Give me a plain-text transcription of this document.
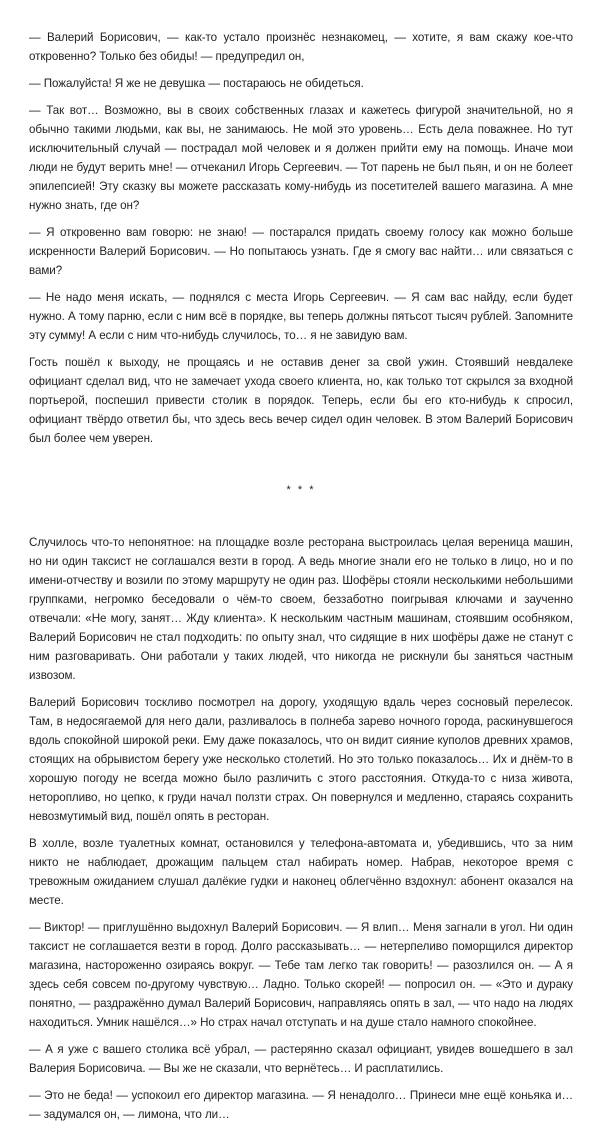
— Валерий Борисович, — как-то устало произнёс незнакомец, — хотите, я вам скажу кое-что откровенно? Только без обиды! — предупредил он,

— Пожалуйста! Я же не девушка — постараюсь не обидеться.

— Так вот… Возможно, вы в своих собственных глазах и кажетесь фигурой значительной, но я обычно такими людьми, как вы, не занимаюсь. Не мой это уровень… Есть дела поважнее. Но тут исключительный случай — пострадал мой человек и я должен прийти ему на помощь. Иначе мои люди не будут верить мне! — отчеканил Игорь Сергеевич. — Тот парень не был пьян, и он не болеет эпилепсией! Эту сказку вы можете рассказать кому-нибудь из посетителей вашего магазина. А мне нужно знать, где он?

— Я откровенно вам говорю: не знаю! — постарался придать своему голосу как можно больше искренности Валерий Борисович. — Но попытаюсь узнать. Где я смогу вас найти… или связаться с вами?

— Не надо меня искать, — поднялся с места Игорь Сергеевич. — Я сам вас найду, если будет нужно. А тому парню, если с ним всё в порядке, вы теперь должны пятьсот тысяч рублей. Запомните эту сумму! А если с ним что-нибудь случилось, то… я не завидую вам.

Гость пошёл к выходу, не прощаясь и не оставив денег за свой ужин. Стоявший невдалеке официант сделал вид, что не замечает ухода своего клиента, но, как только тот скрылся за входной портьерой, поспешил привести столик в порядок. Теперь, если бы его кто-нибудь к спросил, официант твёрдо ответил бы, что здесь весь вечер сидел один человек. В этом Валерий Борисович был более чем уверен.

* * *

Случилось что-то непонятное: на площадке возле ресторана выстроилась целая вереница машин, но ни один таксист не соглашался везти в город. А ведь многие знали его не только в лицо, но и по имени-отчеству и возили по этому маршруту не один раз. Шофёры стояли несколькими небольшими группками, негромко беседовали о чём-то своем, беззаботно поигрывая ключами и заученно отвечали: «Не могу, занят… Жду клиента». К нескольким частным машинам, стоявшим особняком, Валерий Борисович не стал подходить: по опыту знал, что сидящие в них шофёры даже не станут с ним разговаривать. Они работали у таких людей, что никогда не рискнули бы заняться частным извозом.

Валерий Борисович тоскливо посмотрел на дорогу, уходящую вдаль через сосновый перелесок. Там, в недосягаемой для него дали, разливалось в полнеба зарево ночного города, раскинувшегося вдоль спокойной широкой реки. Ему даже показалось, что он видит сияние куполов древних храмов, стоящих на обрывистом берегу уже несколько столетий. Но это только показалось… Их и днём-то в хорошую погоду не всегда можно было различить с этого расстояния. Откуда-то с низа живота, неторопливо, но цепко, к груди начал ползти страх. Он повернулся и медленно, стараясь сохранить невозмутимый вид, пошёл опять в ресторан.

В холле, возле туалетных комнат, остановился у телефона-автомата и, убедившись, что за ним никто не наблюдает, дрожащим пальцем стал набирать номер. Набрав, некоторое время с тревожным ожиданием слушал далёкие гудки и наконец облегчённо вздохнул: абонент оказался на месте.

— Виктор! — приглушённо выдохнул Валерий Борисович. — Я влип… Меня загнали в угол. Ни один таксист не соглашается везти в город. Долго рассказывать… — нетерпеливо поморщился директор магазина, настороженно озираясь вокруг. — Тебе там легко так говорить! — разозлился он. — А я здесь себя совсем по-другому чувствую… Ладно. Только скорей! — попросил он. — «Это и дураку понятно, — раздражённо думал Валерий Борисович, направляясь опять в зал, — что надо на людях находиться. Умник нашёлся…» Но страх начал отступать и на душе стало намного спокойнее.

— А я уже с вашего столика всё убрал, — растерянно сказал официант, увидев вошедшего в зал Валерия Борисовича. — Вы же не сказали, что вернётесь… И расплатились.

— Это не беда! — успокоил его директор магазина. — Я ненадолго… Принеси мне ещё коньяка и… — задумался он, — лимона, что ли…
